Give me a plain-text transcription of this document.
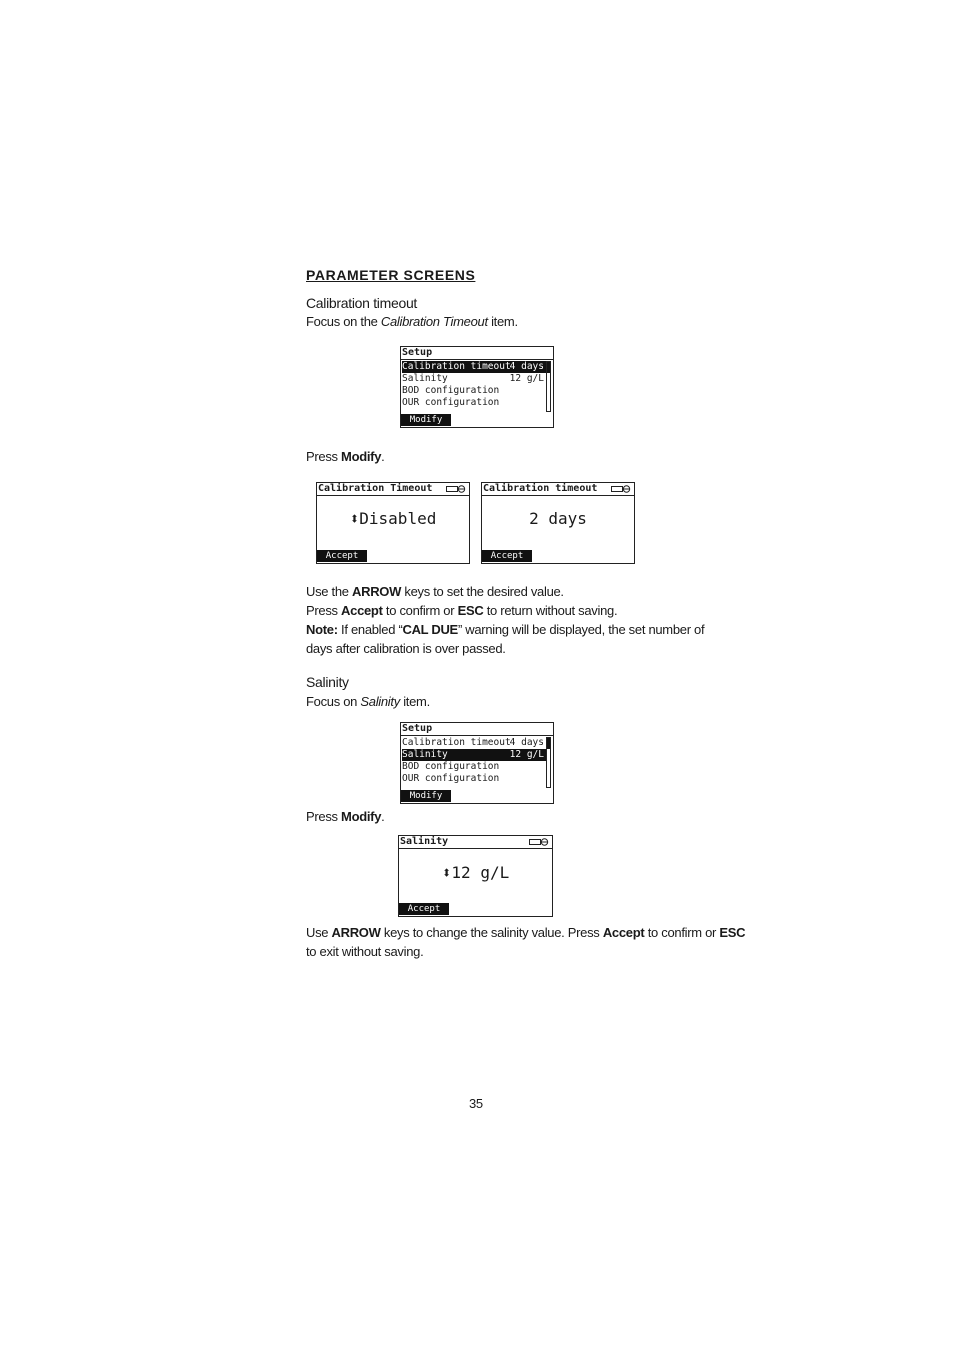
PARAMETER SCREENS
Calibration timeout
Focus on the Calibration Timeout item.
Setup
Calibration timeout 4 days
Salinity	12 g/L
BOD configuration
OUR configuration
Modify
Press Modify.
Calibration Timeout
⬍Disabled
Accept
Calibration timeout
2 days
Accept
Use the ARROW keys to set the desired value.
Press Accept to confirm or ESC to return without saving.
Note: If enabled “CAL DUE” warning will be displayed, the set number of
days after calibration is over passed.
Salinity
Focus on Salinity item.
Setup
Calibration timeout 4 days
Salinity	12 g/L
BOD configuration
OUR configuration
Modify
Press Modify.
Salinity
⬍12 g/L
Accept
Use ARROW keys to change the salinity value. Press Accept to confirm or ESC
to exit without saving.
35
